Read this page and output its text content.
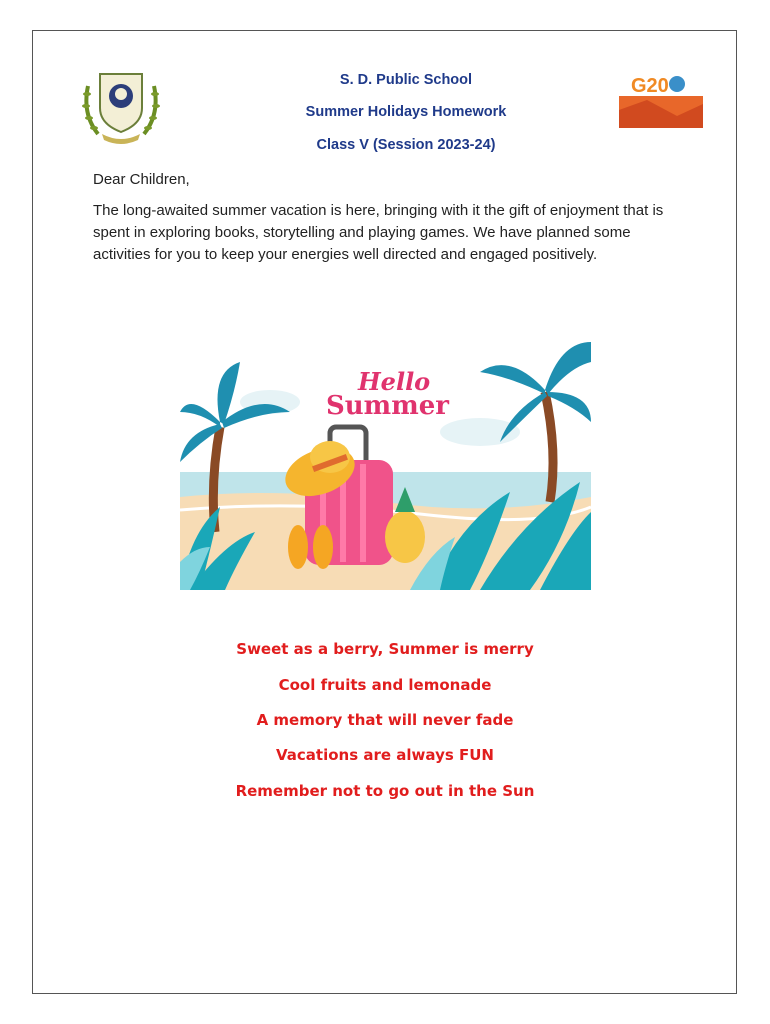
G20
S. D. Public School
Summer Holidays Homework
Class V (Session 2023-24)
Dear Children,
The long-awaited summer vacation is here, bringing with it the gift of enjoyment that is spent in exploring books, storytelling and playing games. We have planned some activities for you to keep your energies well directed and engaged positively.
Hello
Summer
Sweet as a berry, Summer is merry
Cool fruits and lemonade
A memory that will never fade
Vacations are always FUN
Remember not to go out in the Sun
